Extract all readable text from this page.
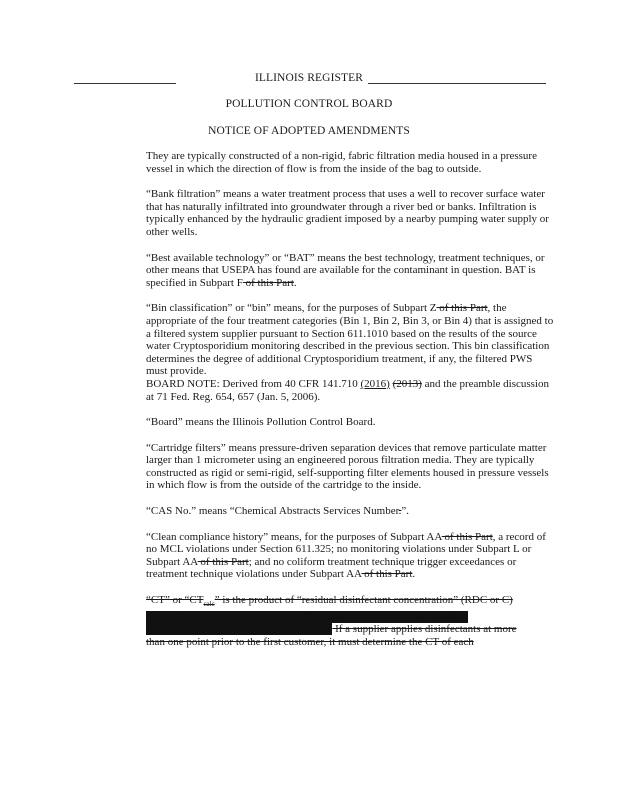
ILLINOIS REGISTER
POLLUTION CONTROL BOARD
NOTICE OF ADOPTED AMENDMENTS

They are typically constructed of a non-rigid, fabric filtration media housed in a pressure vessel in which the direction of flow is from the inside of the bag to outside.

“Bank filtration” means a water treatment process that uses a well to recover surface water that has naturally infiltrated into groundwater through a river bed or banks. Infiltration is typically enhanced by the hydraulic gradient imposed by a nearby pumping water supply or other wells.

“Best available technology” or “BAT” means the best technology, treatment techniques, or other means that USEPA has found are available for the contaminant in question. BAT is specified in Subpart F of this Part.

“Bin classification” or “bin” means, for the purposes of Subpart Z of this Part, the appropriate of the four treatment categories (Bin 1, Bin 2, Bin 3, or Bin 4) that is assigned to a filtered system supplier pursuant to Section 611.1010 based on the results of the source water Cryptosporidium monitoring described in the previous section. This bin classification determines the degree of additional Cryptosporidium treatment, if any, the filtered PWS must provide.
BOARD NOTE: Derived from 40 CFR 141.710 (2016) (2013) and the preamble discussion at 71 Fed. Reg. 654, 657 (Jan. 5, 2006).

“Board” means the Illinois Pollution Control Board.

“Cartridge filters” means pressure-driven separation devices that remove particulate matter larger than 1 micrometer using an engineered porous filtration media. They are typically constructed as rigid or semi-rigid, self-supporting filter elements housed in pressure vessels in which flow is from the outside of the cartridge to the inside.

“CAS No.” means “Chemical Abstracts Services Number.”.

“Clean compliance history” means, for the purposes of Subpart AA of this Part, a record of no MCL violations under Section 611.325; no monitoring violations under Subpart L or Subpart AA of this Part; and no coliform treatment technique trigger exceedances or treatment technique violations under Subpart AA of this Part.

“CT” or “$CT_{calc}$” is the product of “residual disinfectant concentration” (RDC or C)
in mg/ℓ determined before or at the first customer, and the corresponding
“disinfectant contact time” (T) in minutes. If a supplier applies disinfectants at more
than one point prior to the first customer, it must determine the CT of each
